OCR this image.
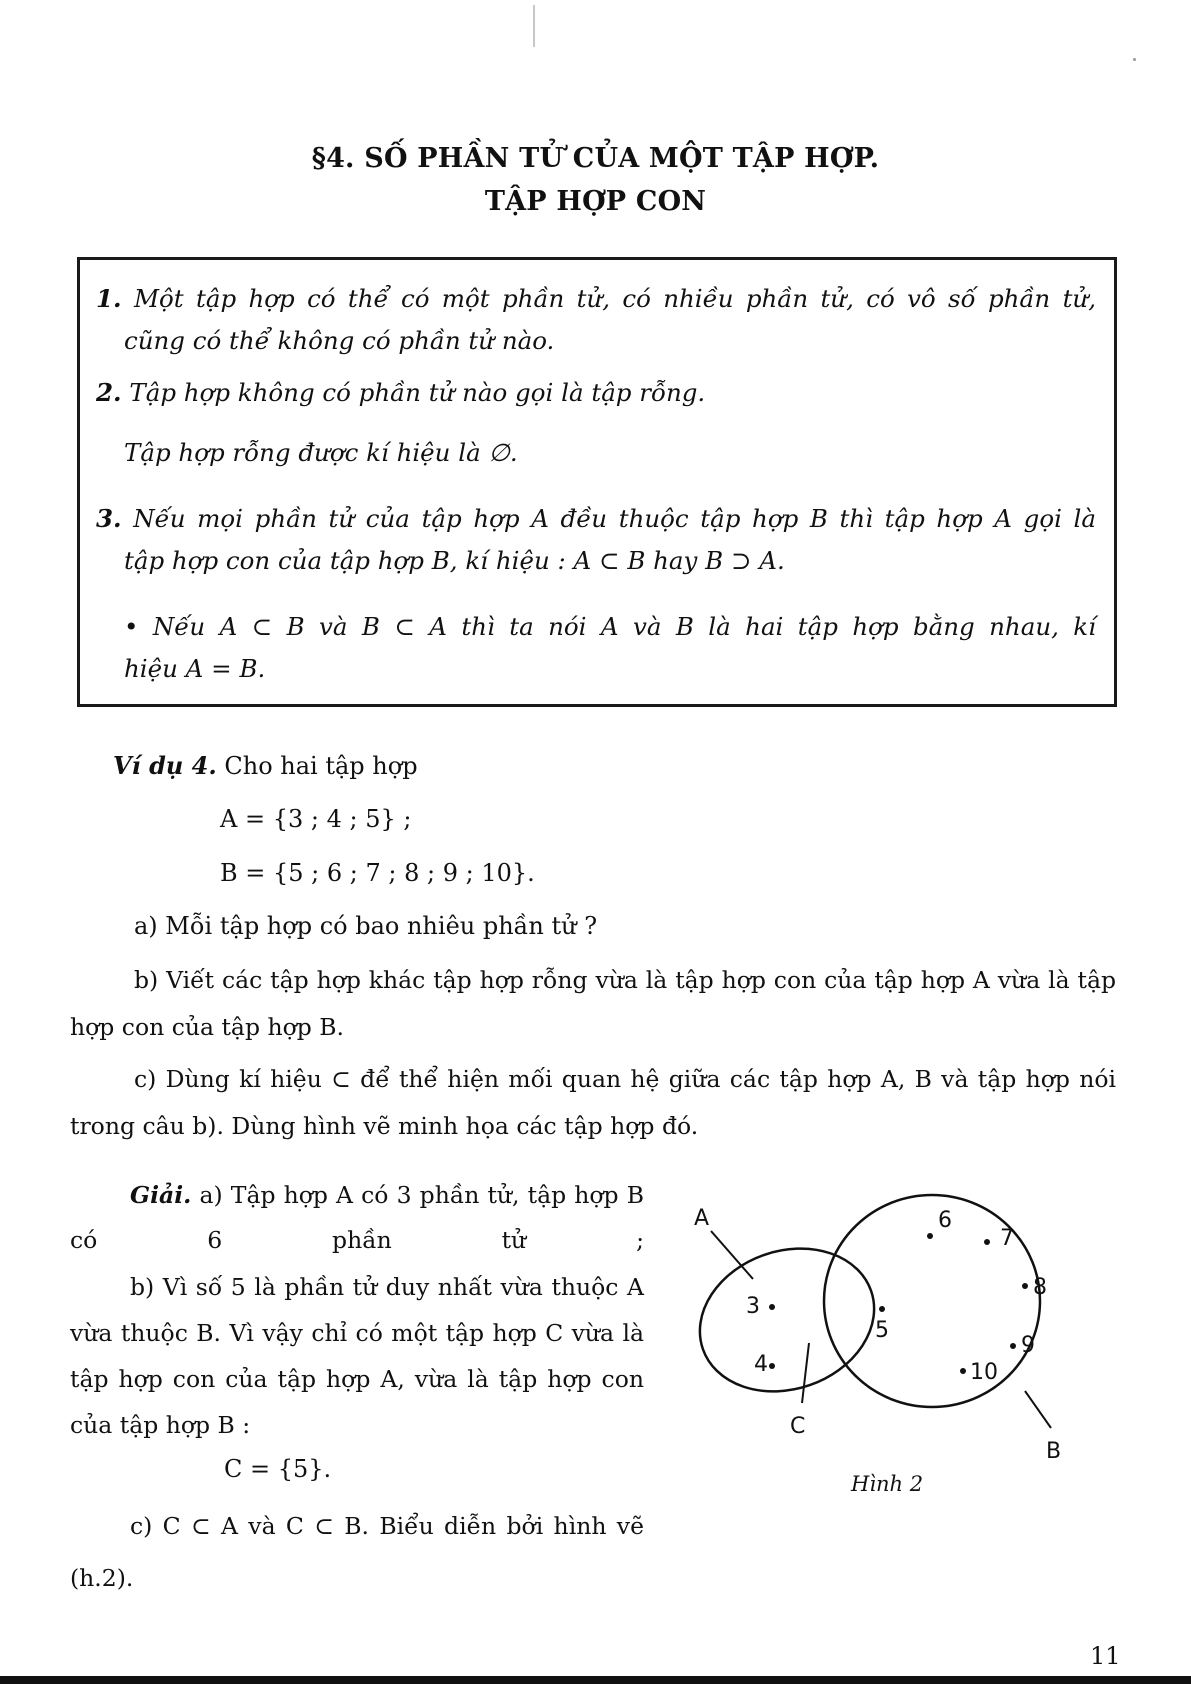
§4. SỐ PHẦN TỬ CỦA MỘT TẬP HỢP.
TẬP HỢP CON
1. Một tập hợp có thể có một phần tử, có nhiều phần tử, có vô số phần tử,
cũng có thể không có phần tử nào.
2. Tập hợp không có phần tử nào gọi là tập rỗng.
Tập hợp rỗng được kí hiệu là ∅.
3. Nếu mọi phần tử của tập hợp A đều thuộc tập hợp B thì tập hợp A gọi là
tập hợp con của tập hợp B, kí hiệu : A ⊂ B hay B ⊃ A.
• Nếu A ⊂ B và B ⊂ A thì ta nói A và B là hai tập hợp bằng nhau, kí
hiệu A = B.
Ví dụ 4. Cho hai tập hợp
A = {3 ; 4 ; 5} ;
B = {5 ; 6 ; 7 ; 8 ; 9 ; 10}.
a) Mỗi tập hợp có bao nhiêu phần tử ?
b) Viết các tập hợp khác tập hợp rỗng vừa là tập hợp con của tập hợp A vừa là tập hợp con của tập hợp B.
c) Dùng kí hiệu ⊂ để thể hiện mối quan hệ giữa các tập hợp A, B và tập hợp nói trong câu b). Dùng hình vẽ minh họa các tập hợp đó.
Giải. a) Tập hợp A có 3 phần tử, tập hợp B có 6 phần tử ;
b) Vì số 5 là phần tử duy nhất vừa thuộc A vừa thuộc B. Vì vậy chỉ có một tập hợp C vừa là tập hợp con của tập hợp A, vừa là tập hợp con của tập hợp B :
C = {5}.
c) C ⊂ A và C ⊂ B. Biểu diễn bởi hình vẽ (h.2).
A
C
B
3
4
5
6
7
8
9
10
Hình 2
11
